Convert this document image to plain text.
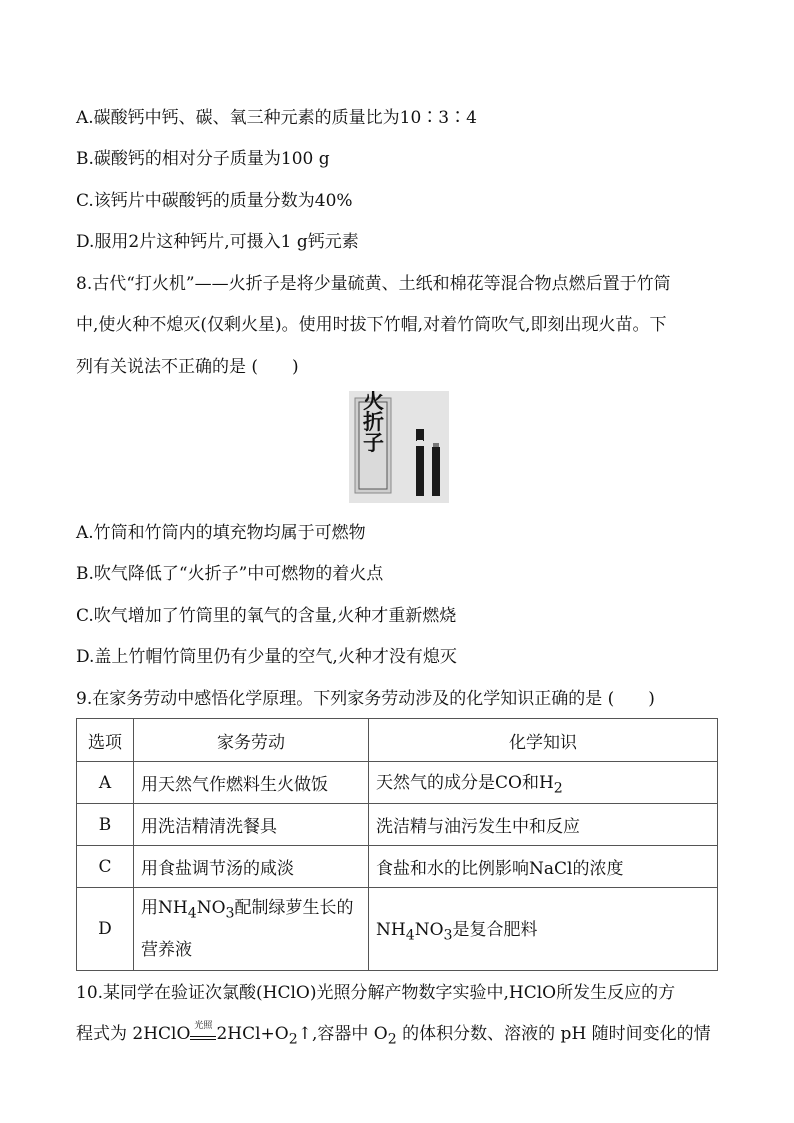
A.碳酸钙中钙、碳、氧三种元素的质量比为10∶3∶4
B.碳酸钙的相对分子质量为100 g
C.该钙片中碳酸钙的质量分数为40%
D.服用2片这种钙片,可摄入1 g钙元素
8.古代“打火机”——火折子是将少量硫黄、土纸和棉花等混合物点燃后置于竹筒
中,使火种不熄灭(仅剩火星)。使用时拔下竹帽,对着竹筒吹气,即刻出现火苗。下
列有关说法不正确的是 (　　)
火折子
A.竹筒和竹筒内的填充物均属于可燃物
B.吹气降低了“火折子”中可燃物的着火点
C.吹气增加了竹筒里的氧气的含量,火种才重新燃烧
D.盖上竹帽竹筒里仍有少量的空气,火种才没有熄灭
9.在家务劳动中感悟化学原理。下列家务劳动涉及的化学知识正确的是 (　　)
选项	家务劳动	化学知识
A	用天然气作燃料生火做饭	天然气的成分是CO和$H_2$
B	用洗洁精清洗餐具	洗洁精与油污发生中和反应
C	用食盐调节汤的咸淡	食盐和水的比例影响NaCl的浓度
D	用$NH_4NO_3$配制绿萝生长的
营养液	$NH_4NO_3$是复合肥料
10.某同学在验证次氯酸(HClO)光照分解产物数字实验中,HClO所发生反应的方
程式为 2HClO 光照 $2HCl+O_2↑$,容器中 $O_2$ 的体积分数、溶液的 pH 随时间变化的情
